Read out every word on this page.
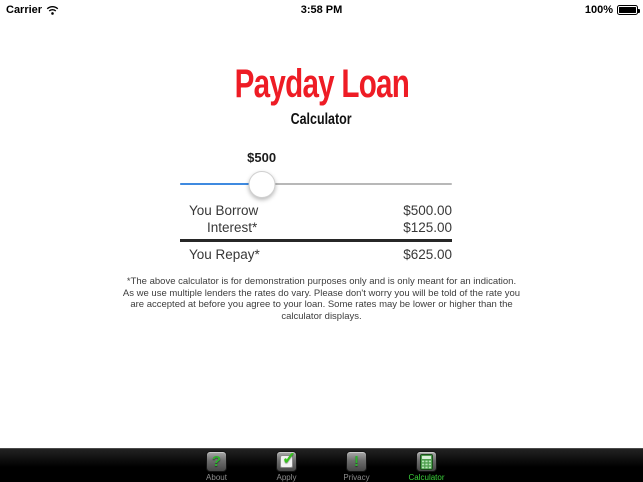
Carrier	3:58 PM	100%
Payday Loan
Calculator
$500
You Borrow	$500.00
Interest*	$125.00
You Repay*	$625.00
*The above calculator is for demonstration purposes only and is only meant for an indication. As we use multiple lenders the rates do vary. Please don't worry you will be told of the rate you are accepted at before you agree to your loan. Some rates may be lower or higher than the calculator displays.
?
About
✓
Apply
!
Privacy	Calculator
